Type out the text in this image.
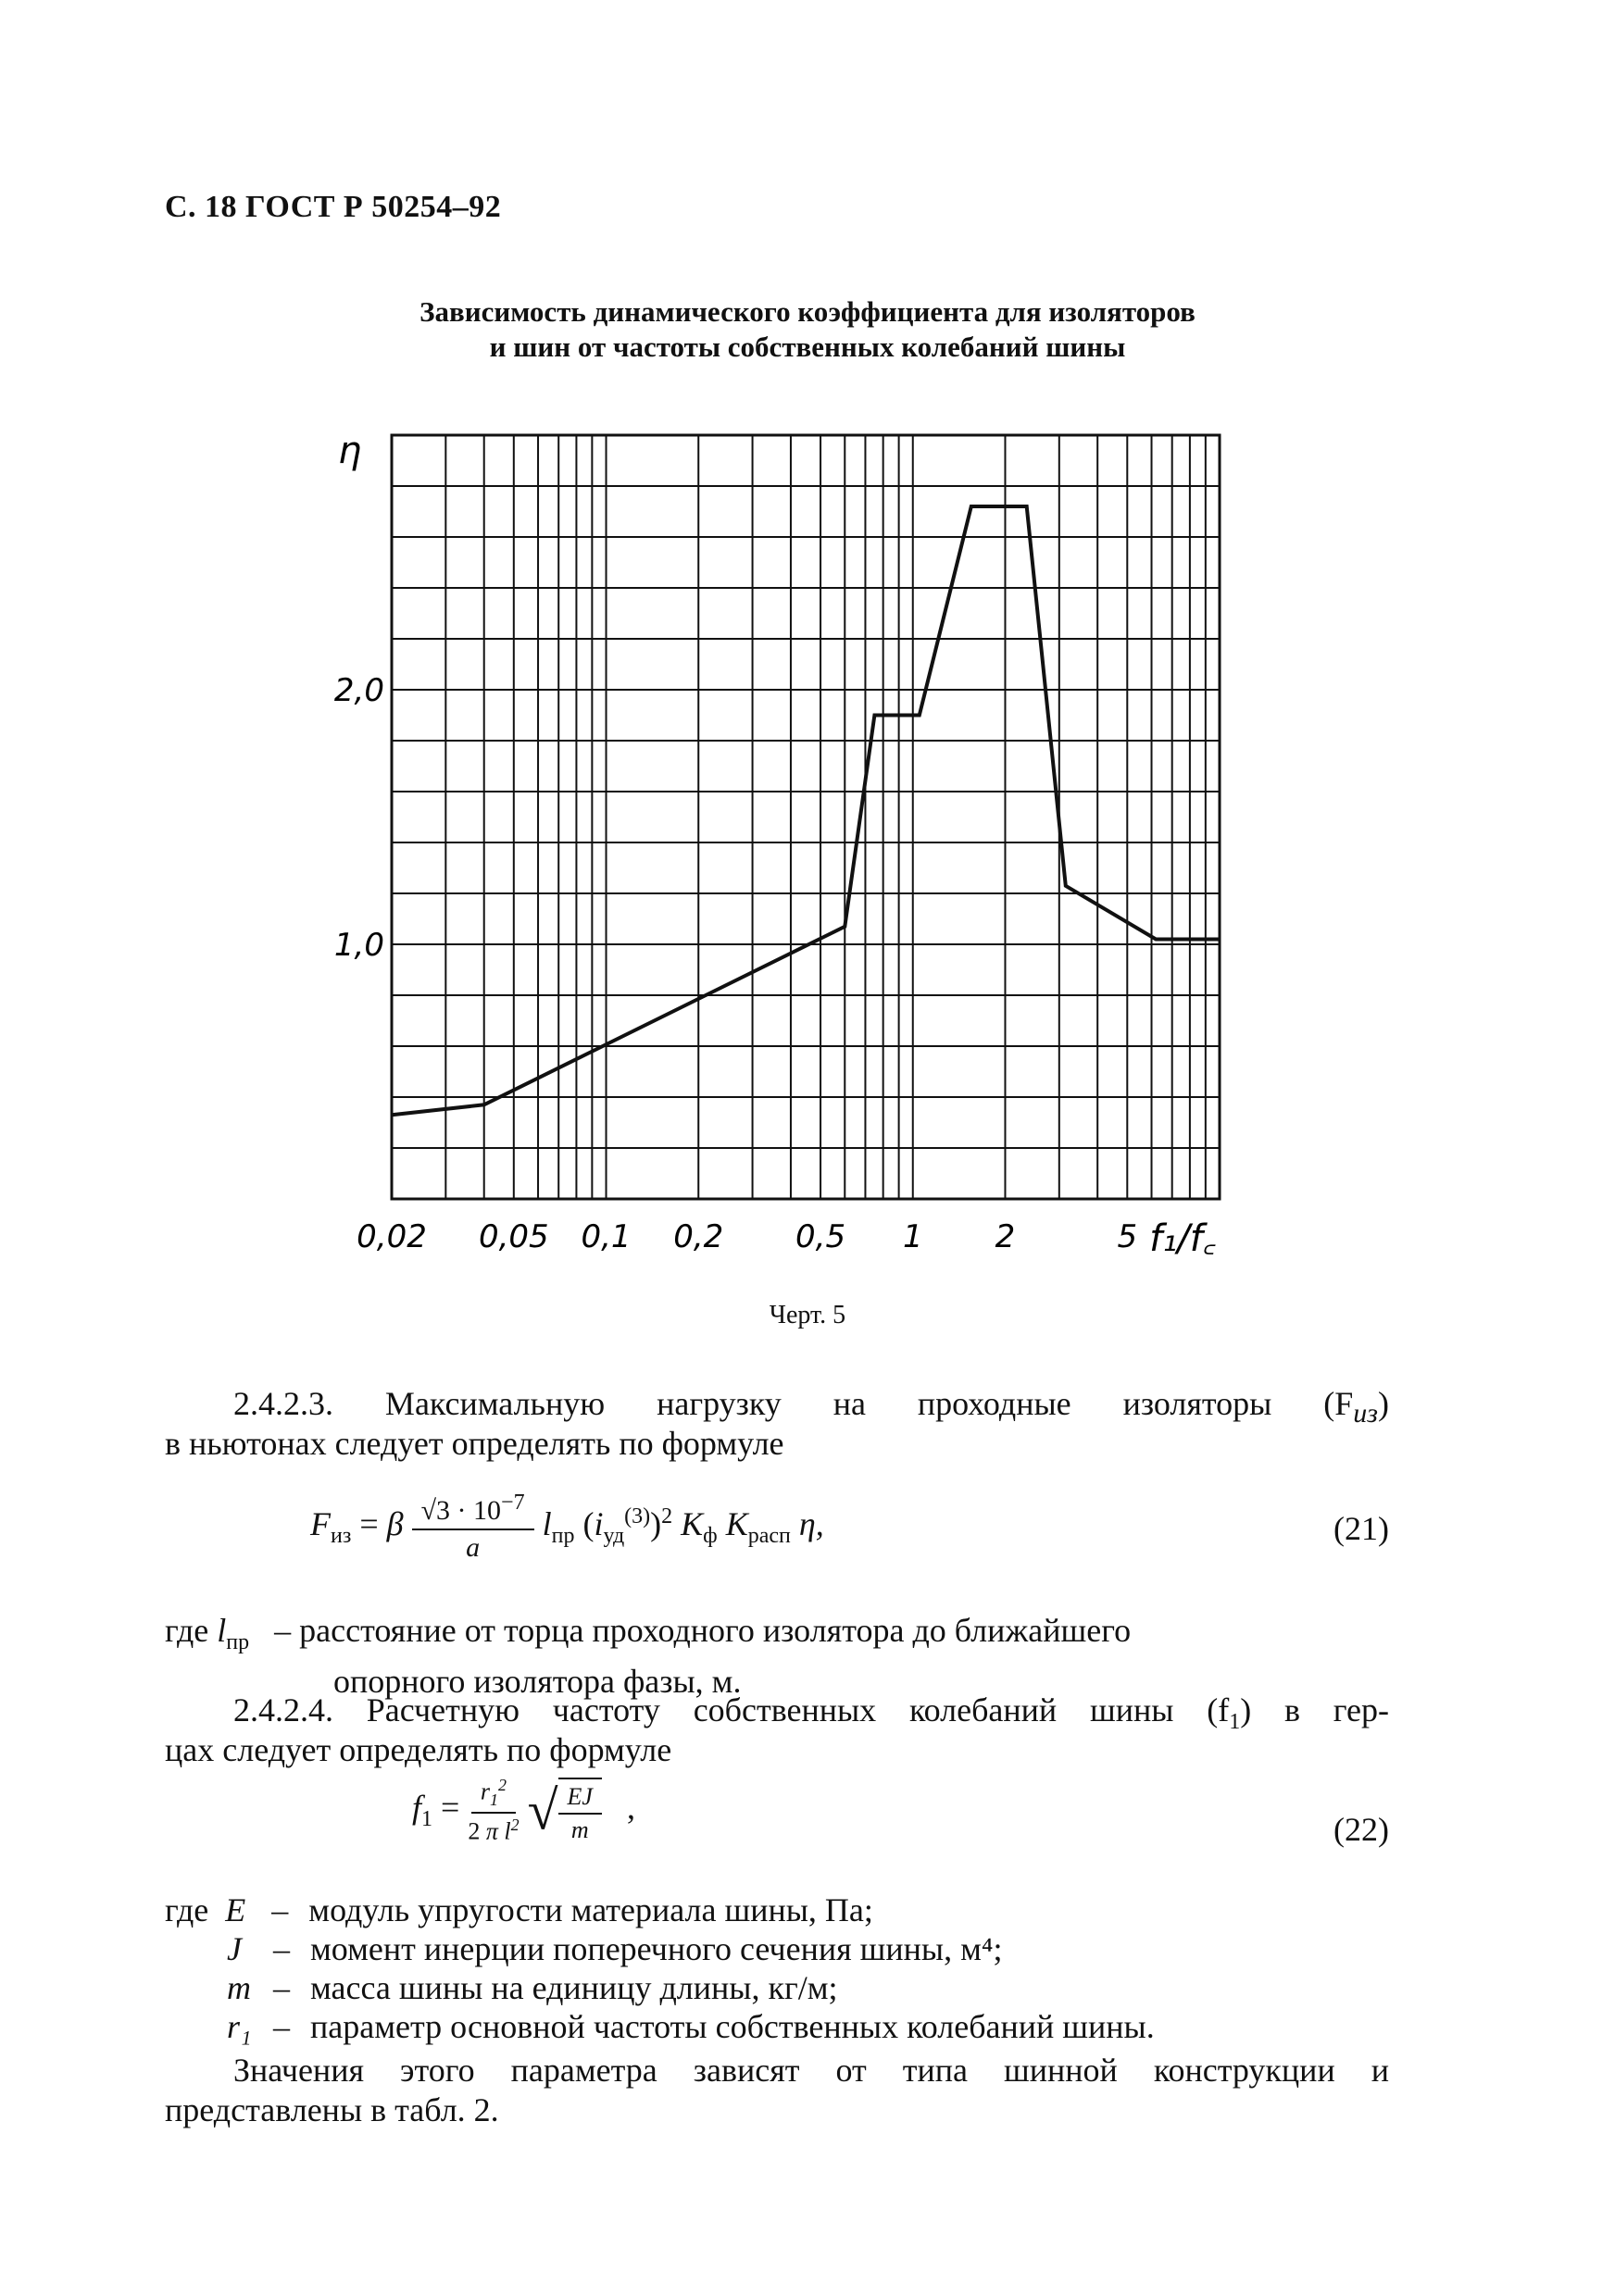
С. 18 ГОСТ Р 50254–92
Зависимость динамического коэффициента для изоляторов
и шин от частоты собственных колебаний шины
0,02 0,05 0,1 0,2 0,5 1 2	5
1,0
2,0
η
f₁/f꜀
Черт. 5
2.4.2.3. Максимальную нагрузку на проходные изоляторы $(F_{из})$
в ньютонах следует определять по формуле
$F_{из} = \beta \frac{√3 \cdot 10^{-7}}{a} l_{пр}$ $(i_{уд}^{(3)})^2$ $K_ф$ $K_{расп}$ η,	(21)
где $l_{пр}$ – расстояние от торца проходного изолятора до ближайшего
опорного изолятора фазы, м.
2.4.2.4. Расчетную частоту собственных колебаний шины $(f_1)$ в гер-
цах следует определять по формуле
$f_1 = \frac{r_1^2}{2 \pi l^2}$ √ $\frac{EJ}{m}$ ,
(22)
где E – модуль упругости материала шины, Па;
J – момент инерции поперечного сечения шины, м⁴;
m – масса шины на единицу длины, кг/м;
r₁ – параметр основной частоты собственных колебаний шины.
Значения этого параметра зависят от типа шинной конструкции и
представлены в табл. 2.
